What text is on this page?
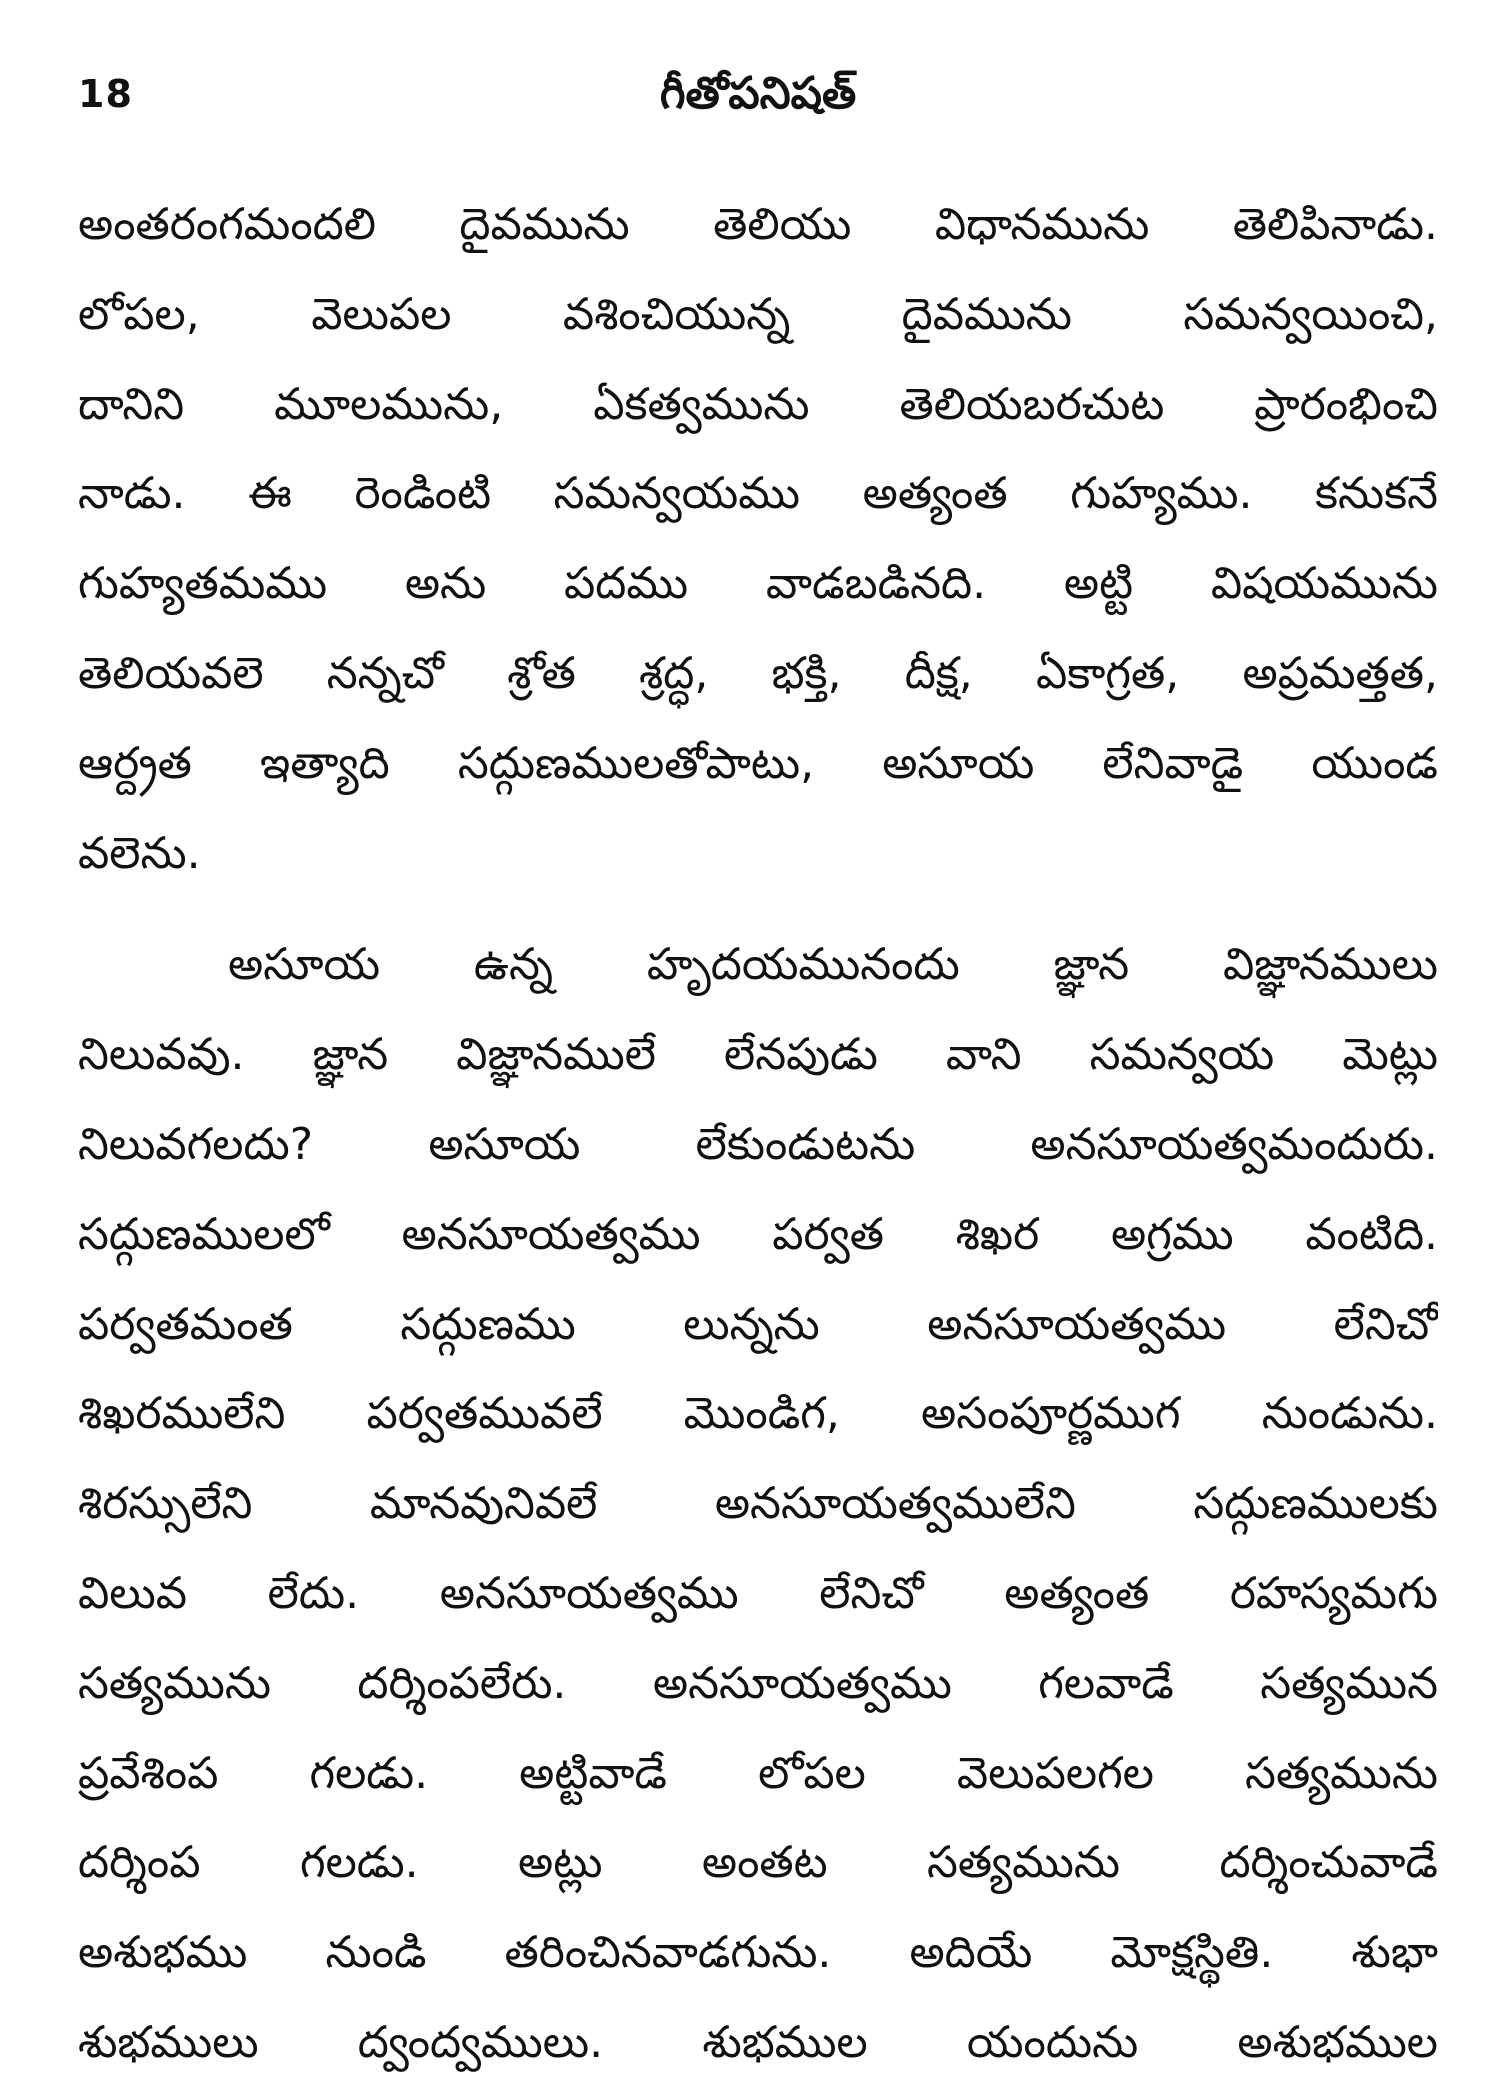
18	గీతోపనిషత్
అంతరంగమందలి దైవమును తెలియు విధానమును తెలిపినాడు.
లోపల, వెలుపల వశించియున్న దైవమును సమన్వయించి,
దానిని మూలమును, ఏకత్వమును తెలియబరచుట ప్రారంభించి
నాడు. ఈ రెండింటి సమన్వయము అత్యంత గుహ్యము. కనుకనే
గుహ్యతమము అను పదము వాడబడినది. అట్టి విషయమును
తెలియవలె నన్నచో శ్రోత శ్రద్ధ, భక్తి, దీక్ష, ఏకాగ్రత, అప్రమత్తత,
ఆర్ద్రత ఇత్యాది సద్గుణములతోపాటు, అసూయ లేనివాడై యుండ
వలెను.
అసూయ ఉన్న హృదయమునందు జ్ఞాన విజ్ఞానములు
నిలువవు. జ్ఞాన విజ్ఞానములే లేనపుడు వాని సమన్వయ మెట్లు
నిలువగలదు? అసూయ లేకుండుటను అనసూయత్వమందురు.
సద్గుణములలో అనసూయత్వము పర్వత శిఖర అగ్రము వంటిది.
పర్వతమంత సద్గుణము లున్నను అనసూయత్వము లేనిచో
శిఖరములేని పర్వతమువలే మొండిగ, అసంపూర్ణముగ నుండును.
శిరస్సులేని మానవునివలే అనసూయత్వములేని సద్గుణములకు
విలువ లేదు. అనసూయత్వము లేనిచో అత్యంత రహస్యమగు
సత్యమును దర్శింపలేరు. అనసూయత్వము గలవాడే సత్యమున
ప్రవేశింప గలడు. అట్టివాడే లోపల వెలుపలగల సత్యమును
దర్శింప గలడు. అట్లు అంతట సత్యమును దర్శించువాడే
అశుభము నుండి తరించినవాడగును. అదియే మోక్షస్థితి. శుభా
శుభములు ద్వంద్వములు. శుభముల యందును అశుభముల
